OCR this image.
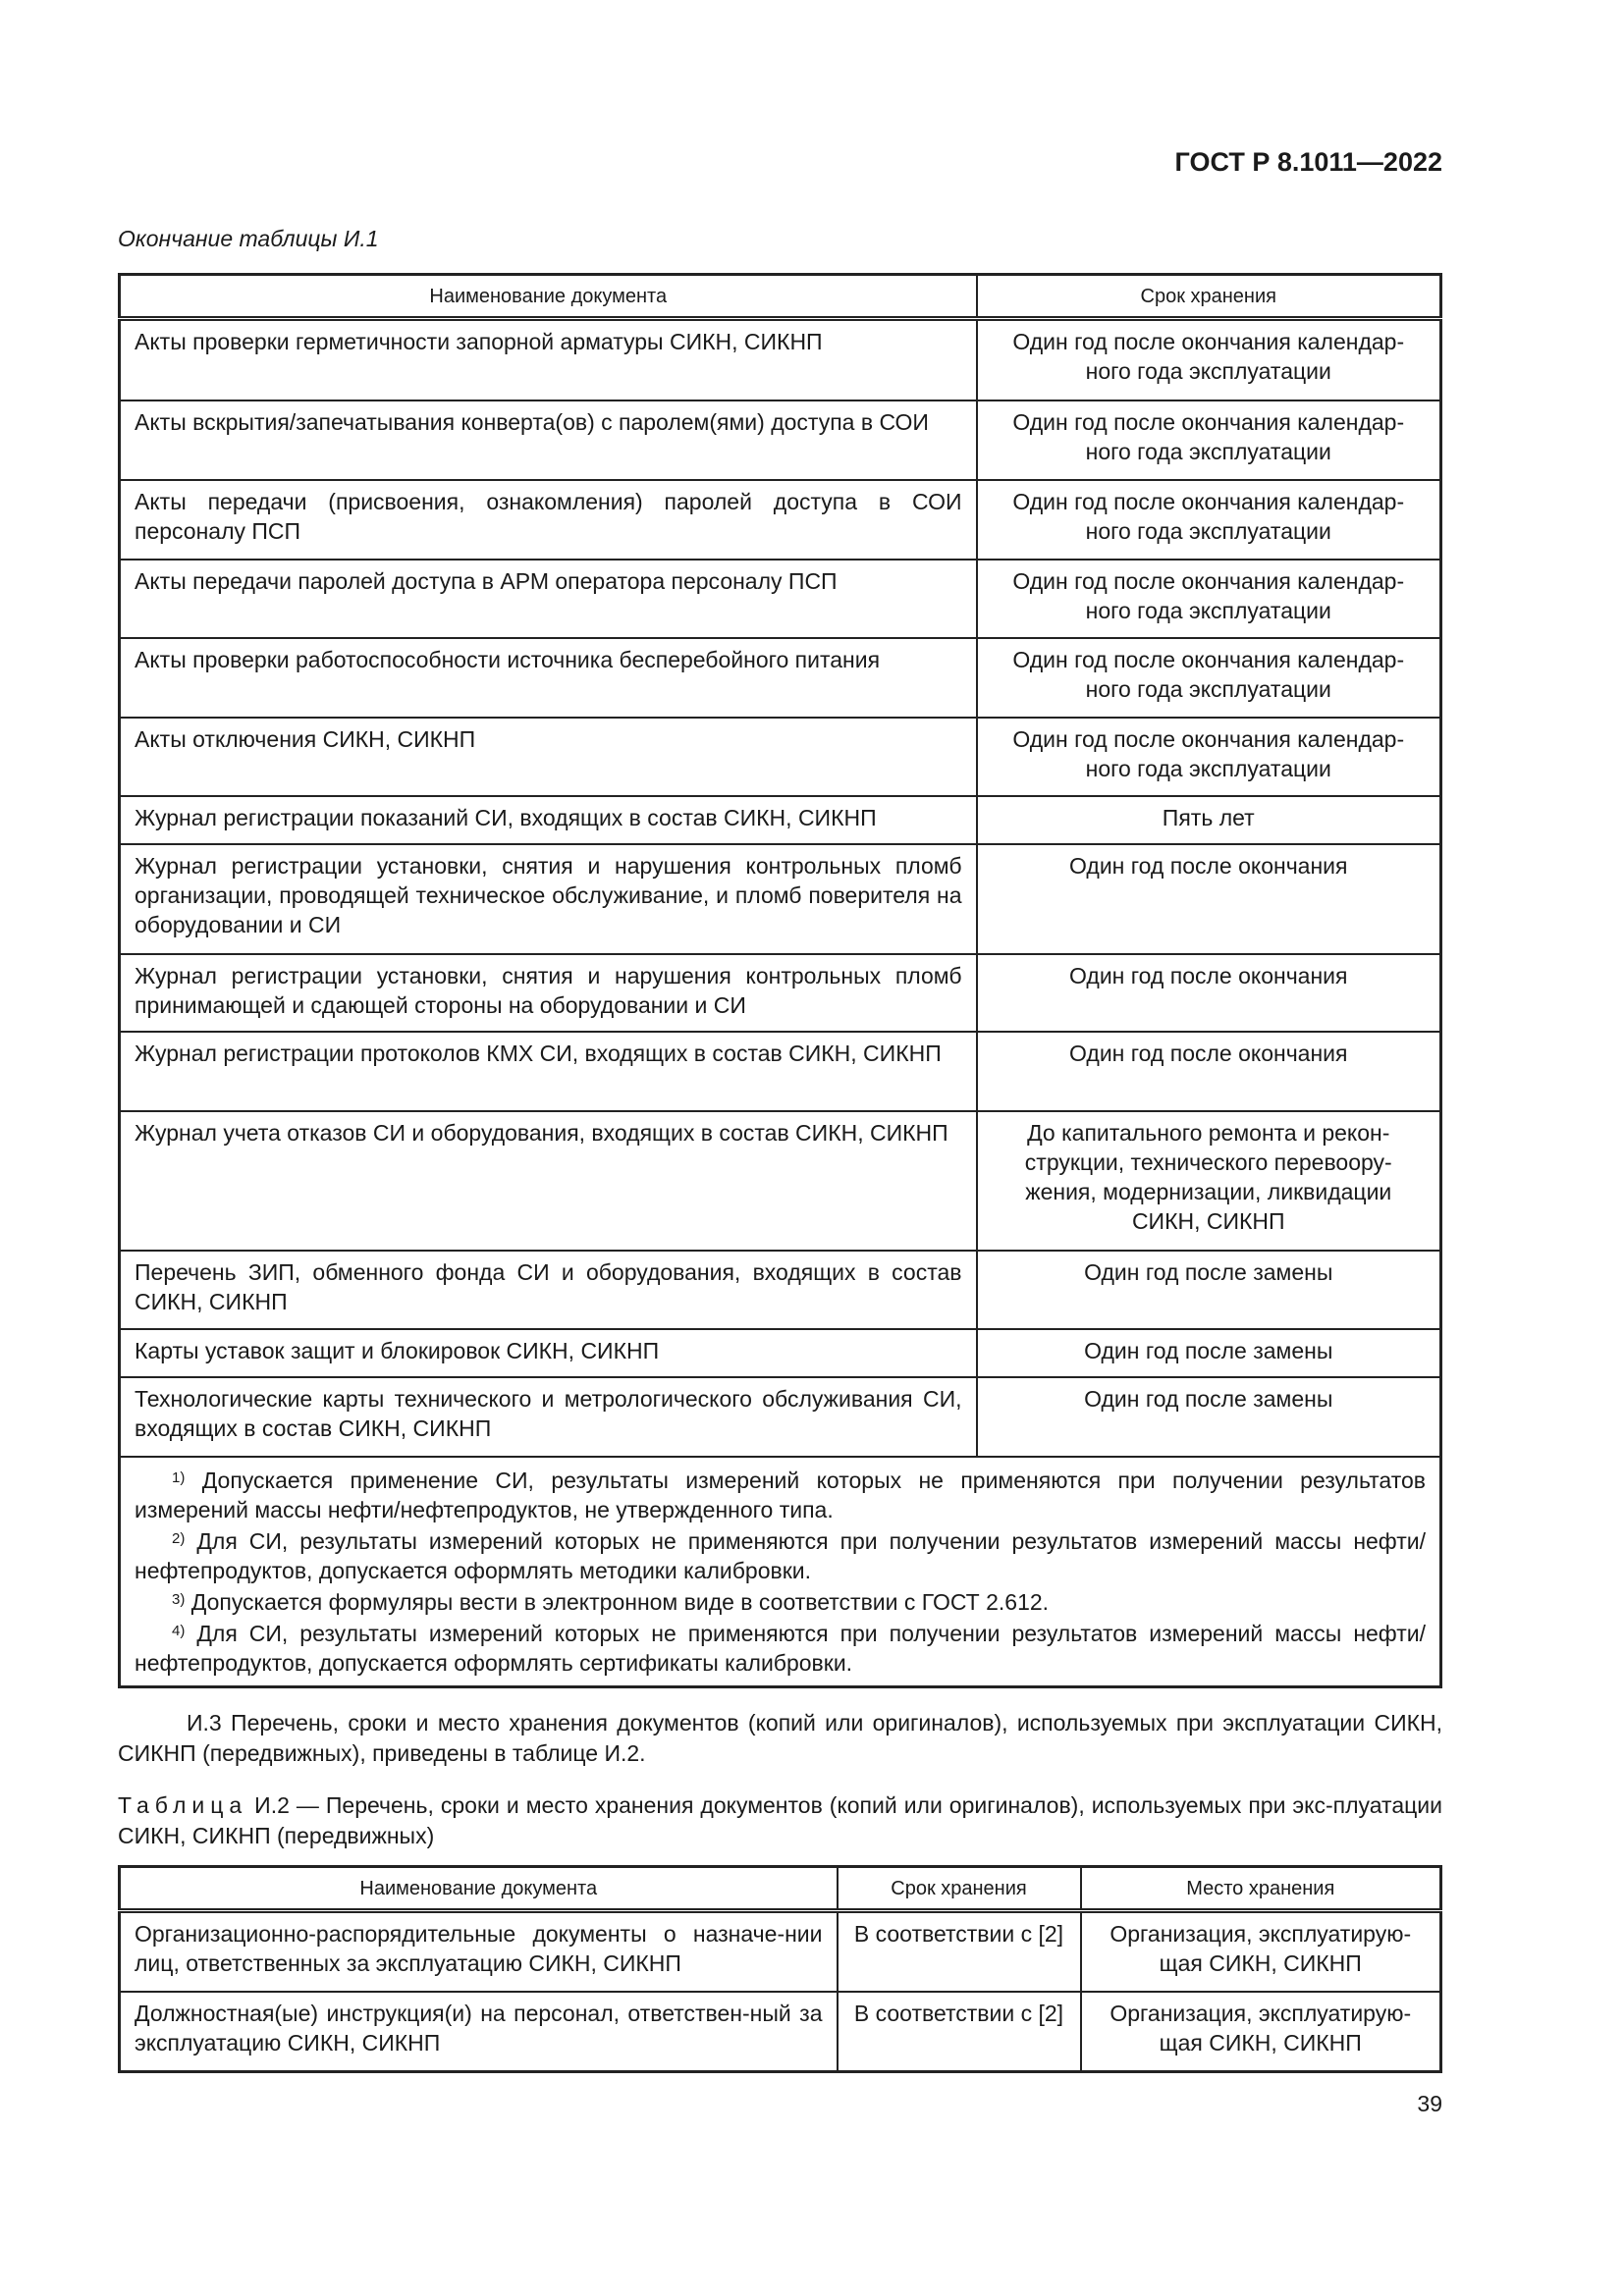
ГОСТ Р 8.1011—2022
Окончание таблицы И.1
Наименование документа	Срок хранения
Акты проверки герметичности запорной арматуры СИКН, СИКНП	Один год после окончания календар-ного года эксплуатации
Акты вскрытия/запечатывания конверта(ов) с паролем(ями) доступа в СОИ	Один год после окончания календар-ного года эксплуатации
Акты передачи (присвоения, ознакомления) паролей доступа в СОИ персоналу ПСП	Один год после окончания календар-ного года эксплуатации
Акты передачи паролей доступа в АРМ оператора персоналу ПСП	Один год после окончания календар-ного года эксплуатации
Акты проверки работоспособности источника бесперебойного питания	Один год после окончания календар-ного года эксплуатации
Акты отключения СИКН, СИКНП	Один год после окончания календар-ного года эксплуатации
Журнал регистрации показаний СИ, входящих в состав СИКН, СИКНП	Пять лет
Журнал регистрации установки, снятия и нарушения контрольных пломб организации, проводящей техническое обслуживание, и пломб поверителя на оборудовании и СИ	Один год после окончания
Журнал регистрации установки, снятия и нарушения контрольных пломб принимающей и сдающей стороны на оборудовании и СИ	Один год после окончания
Журнал регистрации протоколов КМХ СИ, входящих в состав СИКН, СИКНП	Один год после окончания
Журнал учета отказов СИ и оборудования, входящих в состав СИКН, СИКНП	До капитального ремонта и рекон-струкции, технического перевоору-жения, модернизации, ликвидации СИКН, СИКНП
Перечень ЗИП, обменного фонда СИ и оборудования, входящих в состав СИКН, СИКНП	Один год после замены
Карты уставок защит и блокировок СИКН, СИКНП	Один год после замены
Технологические карты технического и метрологического обслуживания СИ, входящих в состав СИКН, СИКНП	Один год после замены

$^{1)}$ Допускается применение СИ, результаты измерений которых не применяются при получении результатов измерений массы нефти/нефтепродуктов, не утвержденного типа.
$^{2)}$ Для СИ, результаты измерений которых не применяются при получении результатов измерений массы нефти/нефтепродуктов, допускается оформлять методики калибровки.
$^{3)}$ Допускается формуляры вести в электронном виде в соответствии с ГОСТ 2.612.
$^{4)}$ Для СИ, результаты измерений которых не применяются при получении результатов измерений массы нефти/нефтепродуктов, допускается оформлять сертификаты калибровки.	
И.3 Перечень, сроки и место хранения документов (копий или оригиналов), используемых при эксплуатации СИКН, СИКНП (передвижных), приведены в таблице И.2.
Таблица И.2 — Перечень, сроки и место хранения документов (копий или оригиналов), используемых при экс-плуатации СИКН, СИКНП (передвижных)
Наименование документа	Срок хранения	Место хранения
Организационно-распорядительные документы о назначе-нии лиц, ответственных за эксплуатацию СИКН, СИКНП	В соответствии с [2]	Организация, эксплуатирую-щая СИКН, СИКНП
Должностная(ые) инструкция(и) на персонал, ответствен-ный за эксплуатацию СИКН, СИКНП	В соответствии с [2]	Организация, эксплуатирую-щая СИКН, СИКНП
39
